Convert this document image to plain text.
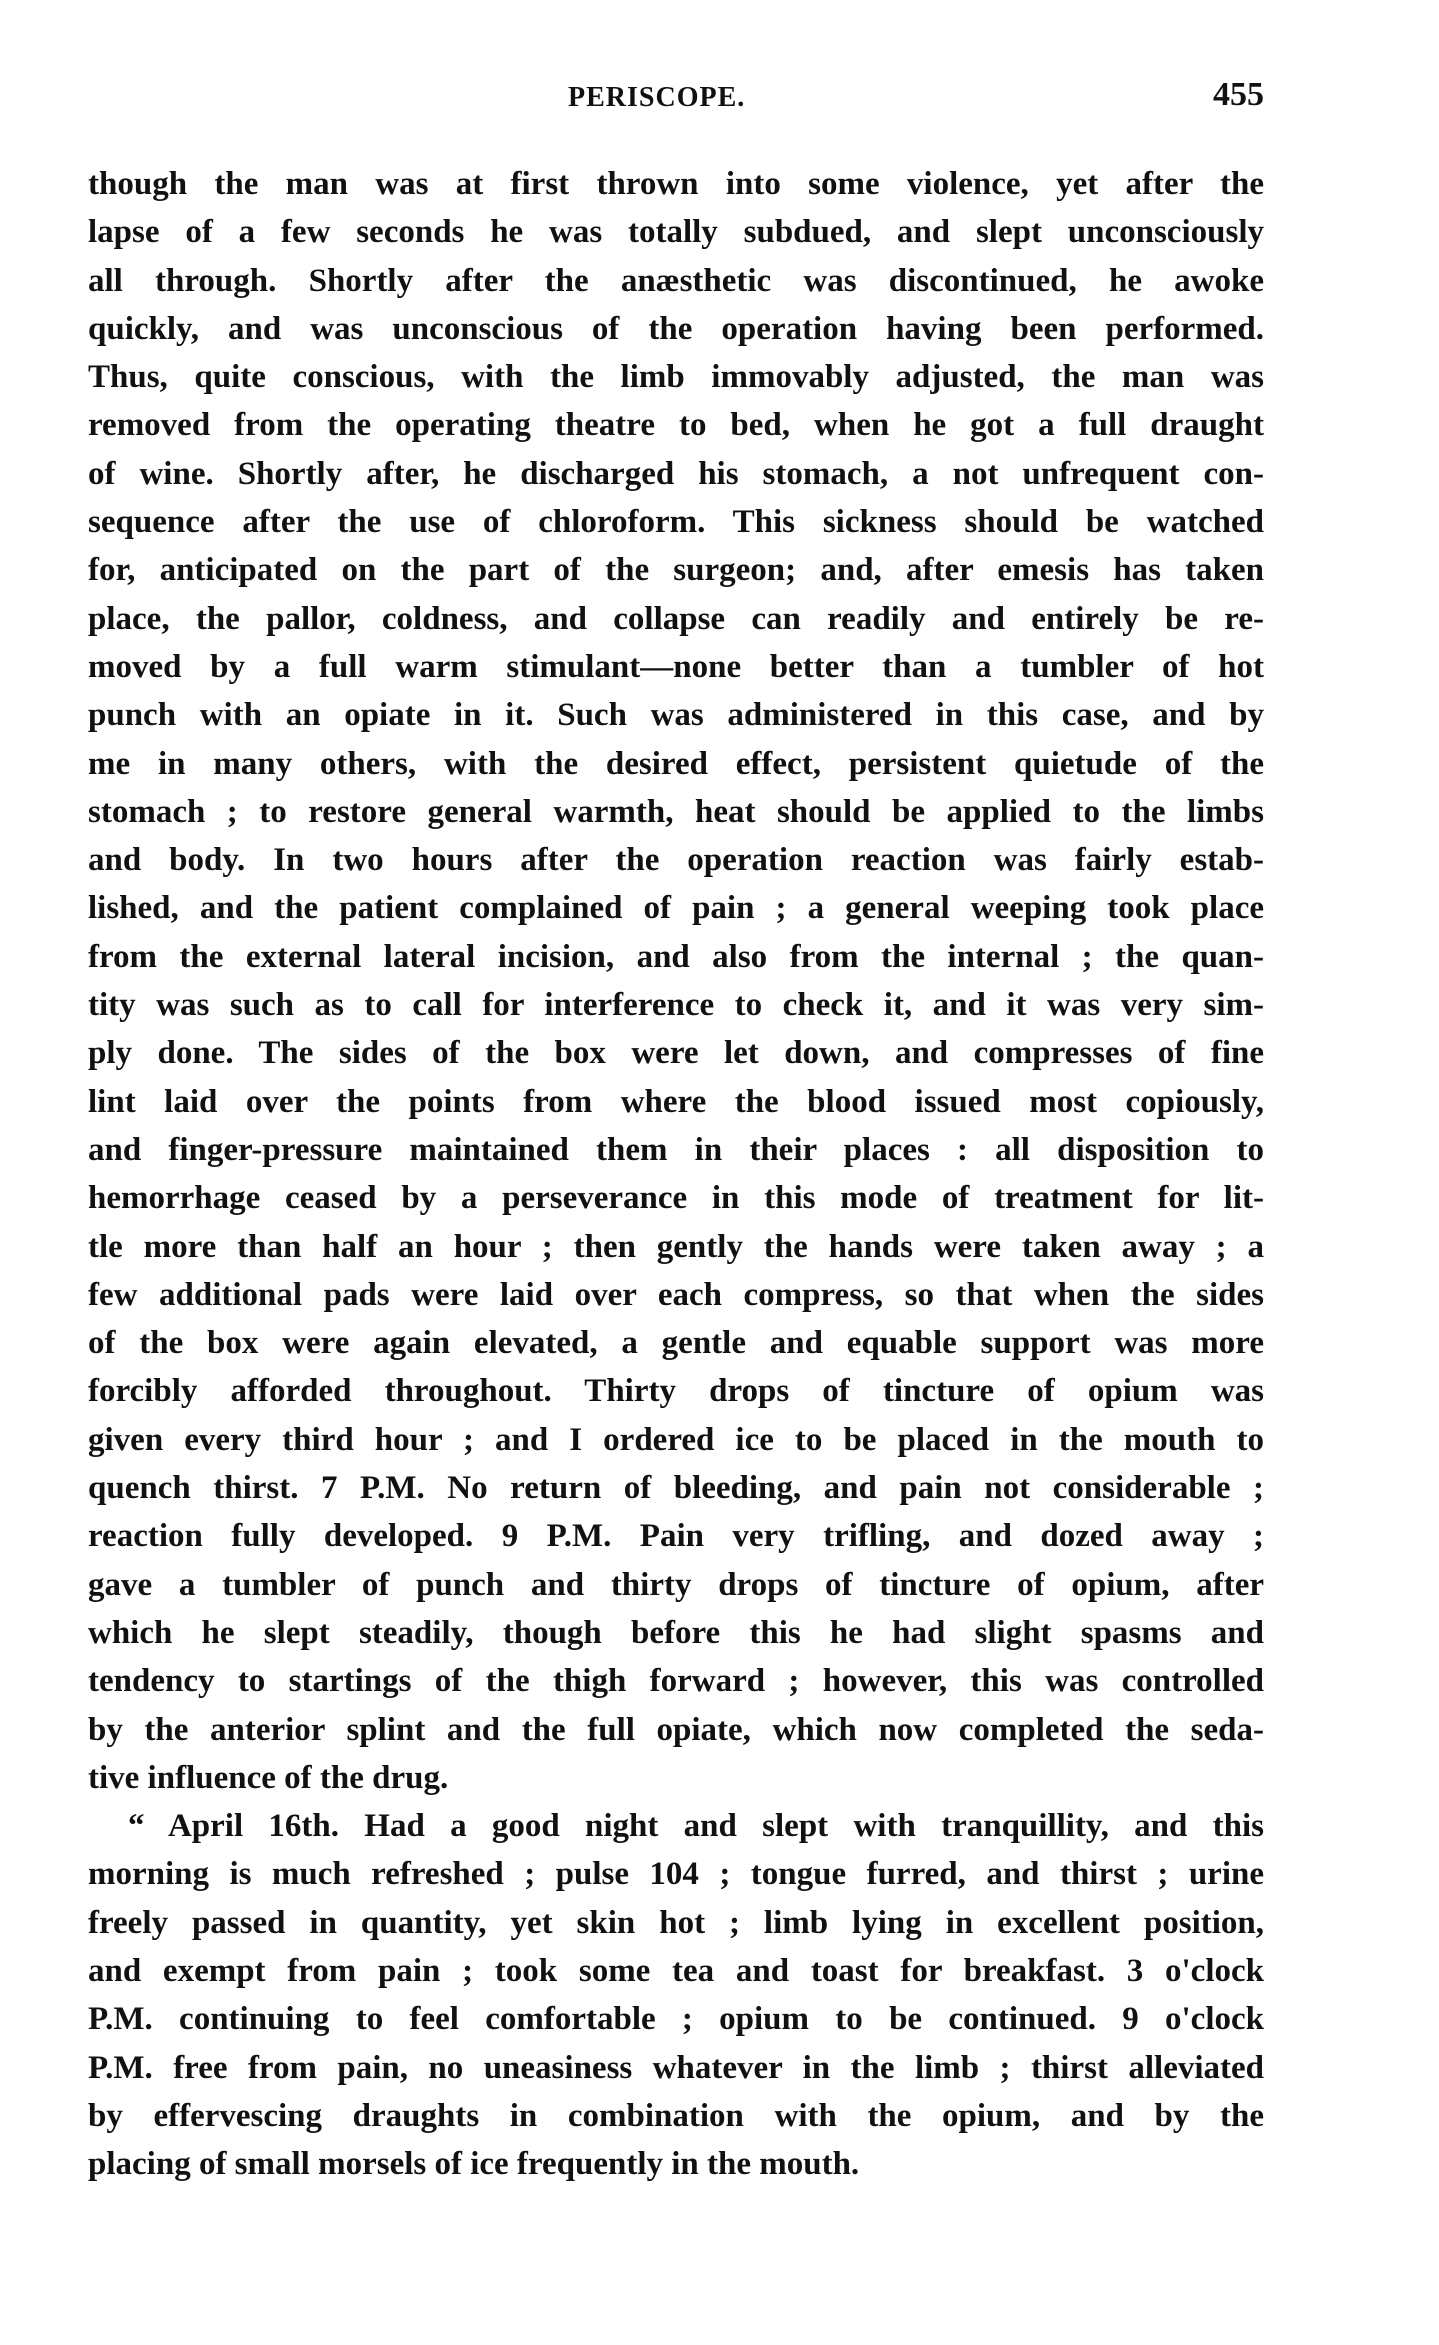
PERISCOPE.	455
though the man was at first thrown into some violence, yet after the
lapse of a few seconds he was totally subdued, and slept unconsciously
all through. Shortly after the anæsthetic was discontinued, he awoke
quickly, and was unconscious of the operation having been performed.
Thus, quite conscious, with the limb immovably adjusted, the man was
removed from the operating theatre to bed, when he got a full draught
of wine. Shortly after, he discharged his stomach, a not unfrequent con-
sequence after the use of chloroform. This sickness should be watched
for, anticipated on the part of the surgeon; and, after emesis has taken
place, the pallor, coldness, and collapse can readily and entirely be re-
moved by a full warm stimulant—none better than a tumbler of hot
punch with an opiate in it. Such was administered in this case, and by
me in many others, with the desired effect, persistent quietude of the
stomach ; to restore general warmth, heat should be applied to the limbs
and body. In two hours after the operation reaction was fairly estab-
lished, and the patient complained of pain ; a general weeping took place
from the external lateral incision, and also from the internal ; the quan-
tity was such as to call for interference to check it, and it was very sim-
ply done. The sides of the box were let down, and compresses of fine
lint laid over the points from where the blood issued most copiously,
and finger-pressure maintained them in their places : all disposition to
hemorrhage ceased by a perseverance in this mode of treatment for lit-
tle more than half an hour ; then gently the hands were taken away ; a
few additional pads were laid over each compress, so that when the sides
of the box were again elevated, a gentle and equable support was more
forcibly afforded throughout. Thirty drops of tincture of opium was
given every third hour ; and I ordered ice to be placed in the mouth to
quench thirst. 7 P.M. No return of bleeding, and pain not considerable ;
reaction fully developed. 9 P.M. Pain very trifling, and dozed away ;
gave a tumbler of punch and thirty drops of tincture of opium, after
which he slept steadily, though before this he had slight spasms and
tendency to startings of the thigh forward ; however, this was controlled
by the anterior splint and the full opiate, which now completed the seda-
tive influence of the drug.
“ April 16th. Had a good night and slept with tranquillity, and this
morning is much refreshed ; pulse 104 ; tongue furred, and thirst ; urine
freely passed in quantity, yet skin hot ; limb lying in excellent position,
and exempt from pain ; took some tea and toast for breakfast. 3 o'clock
P.M. continuing to feel comfortable ; opium to be continued. 9 o'clock
P.M. free from pain, no uneasiness whatever in the limb ; thirst alleviated
by effervescing draughts in combination with the opium, and by the
placing of small morsels of ice frequently in the mouth.
